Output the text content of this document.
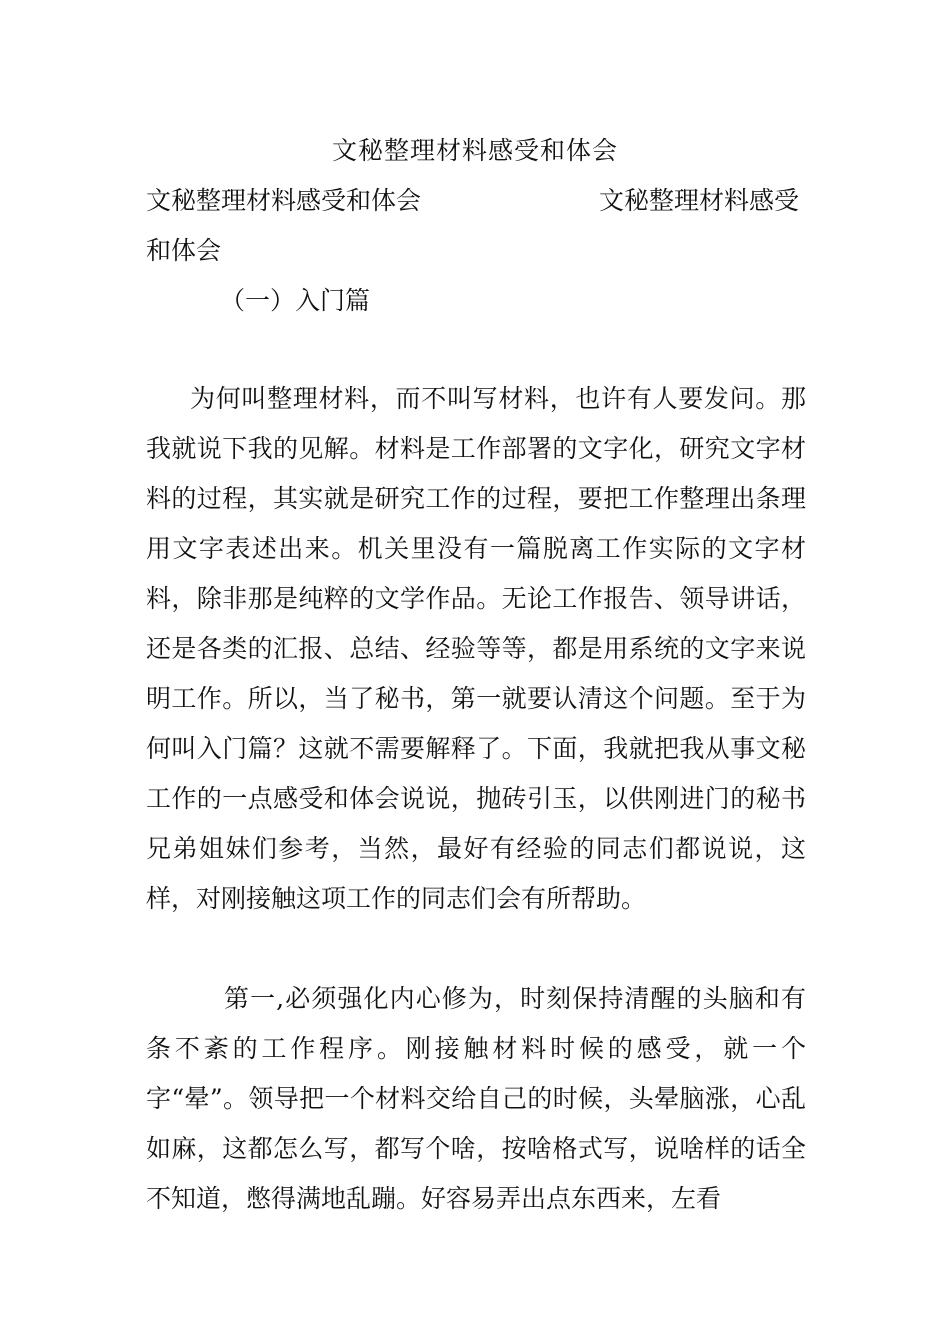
文秘整理材料感受和体会
文秘整理材料感受和体会	文秘整理材料感受
和体会
（一）入门篇

为何叫整理材料，而不叫写材料，也许有人要发问。那我就说下我的见解。材料是工作部署的文字化，研究文字材料的过程，其实就是研究工作的过程，要把工作整理出条理用文字表述出来。机关里没有一篇脱离工作实际的文字材料，除非那是纯粹的文学作品。无论工作报告、领导讲话，还是各类的汇报、总结、经验等等，都是用系统的文字来说明工作。所以，当了秘书，第一就要认清这个问题。至于为何叫入门篇？这就不需要解释了。下面，我就把我从事文秘工作的一点感受和体会说说，抛砖引玉，以供刚进门的秘书兄弟姐妹们参考，当然，最好有经验的同志们都说说，这样，对刚接触这项工作的同志们会有所帮助。

第一,必须强化内心修为，时刻保持清醒的头脑和有条不紊的工作程序。刚接触材料时候的感受，就一个字“晕”。领导把一个材料交给自己的时候，头晕脑涨，心乱如麻，这都怎么写，都写个啥，按啥格式写，说啥样的话全不知道，憋得满地乱蹦。好容易弄出点东西来，左看
